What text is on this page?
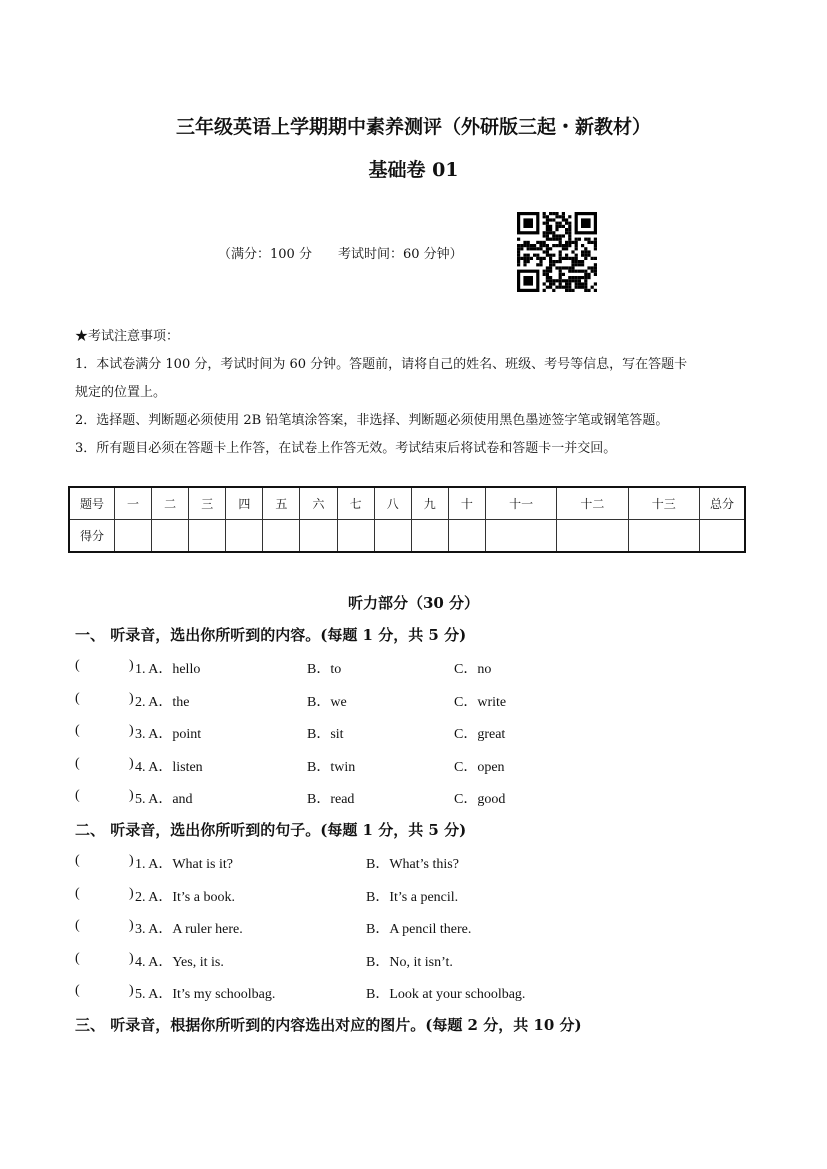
三年级英语上学期期中素养测评（外研版三起・新教材）
基础卷 01
（满分：100 分　　考试时间：60 分钟）
★考试注意事项：
1．本试卷满分 100 分，考试时间为 60 分钟。答题前，请将自己的姓名、班级、考号等信息，写在答题卡
规定的位置上。
2．选择题、判断题必须使用 2B 铅笔填涂答案，非选择、判断题必须使用黑色墨迹签字笔或钢笔答题。
3．所有题目必须在答题卡上作答，在试卷上作答无效。考试结束后将试卷和答题卡一并交回。
题号	一	二	三	四	五	六	七	八	九	十	十一	十二	十三	总分
得分														
听力部分（30 分）
一、 听录音，选出你所听到的内容。(每题 1 分，共 5 分)
(	) 1. A．hello	B．to	C．no
(	) 2. A．the	B．we	C．write
(	) 3. A．point	B．sit	C．great
(	) 4. A．listen	B．twin	C．open
(	) 5. A．and	B．read	C．good
二、 听录音，选出你所听到的句子。(每题 1 分，共 5 分)
(	) 1. A．What is it?	B．What’s this?
(	) 2. A．It’s a book.	B．It’s a pencil.
(	) 3. A．A ruler here.	B．A pencil there.
(	) 4. A．Yes, it is.	B．No, it isn’t.
(	) 5. A．It’s my schoolbag.	B．Look at your schoolbag.
三、 听录音，根据你所听到的内容选出对应的图片。(每题 2 分，共 10 分)
